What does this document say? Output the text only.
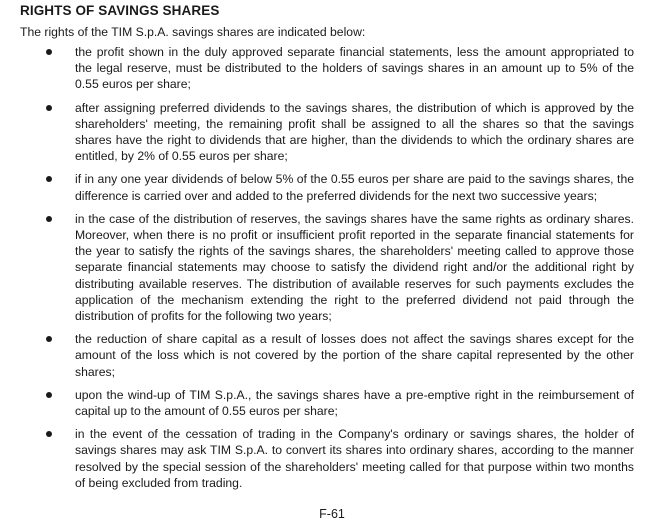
RIGHTS OF SAVINGS SHARES
The rights of the TIM S.p.A. savings shares are indicated below:
the profit shown in the duly approved separate financial statements, less the amount appropriated to the legal reserve, must be distributed to the holders of savings shares in an amount up to 5% of the 0.55 euros per share;
after assigning preferred dividends to the savings shares, the distribution of which is approved by the shareholders' meeting, the remaining profit shall be assigned to all the shares so that the savings shares have the right to dividends that are higher, than the dividends to which the ordinary shares are entitled, by 2% of 0.55 euros per share;
if in any one year dividends of below 5% of the 0.55 euros per share are paid to the savings shares, the difference is carried over and added to the preferred dividends for the next two successive years;
in the case of the distribution of reserves, the savings shares have the same rights as ordinary shares. Moreover, when there is no profit or insufficient profit reported in the separate financial statements for the year to satisfy the rights of the savings shares, the shareholders' meeting called to approve those separate financial statements may choose to satisfy the dividend right and/or the additional right by distributing available reserves. The distribution of available reserves for such payments excludes the application of the mechanism extending the right to the preferred dividend not paid through the distribution of profits for the following two years;
the reduction of share capital as a result of losses does not affect the savings shares except for the amount of the loss which is not covered by the portion of the share capital represented by the other shares;
upon the wind-up of TIM S.p.A., the savings shares have a pre-emptive right in the reimbursement of capital up to the amount of 0.55 euros per share;
in the event of the cessation of trading in the Company's ordinary or savings shares, the holder of savings shares may ask TIM S.p.A. to convert its shares into ordinary shares, according to the manner resolved by the special session of the shareholders' meeting called for that purpose within two months of being excluded from trading.
F-61
